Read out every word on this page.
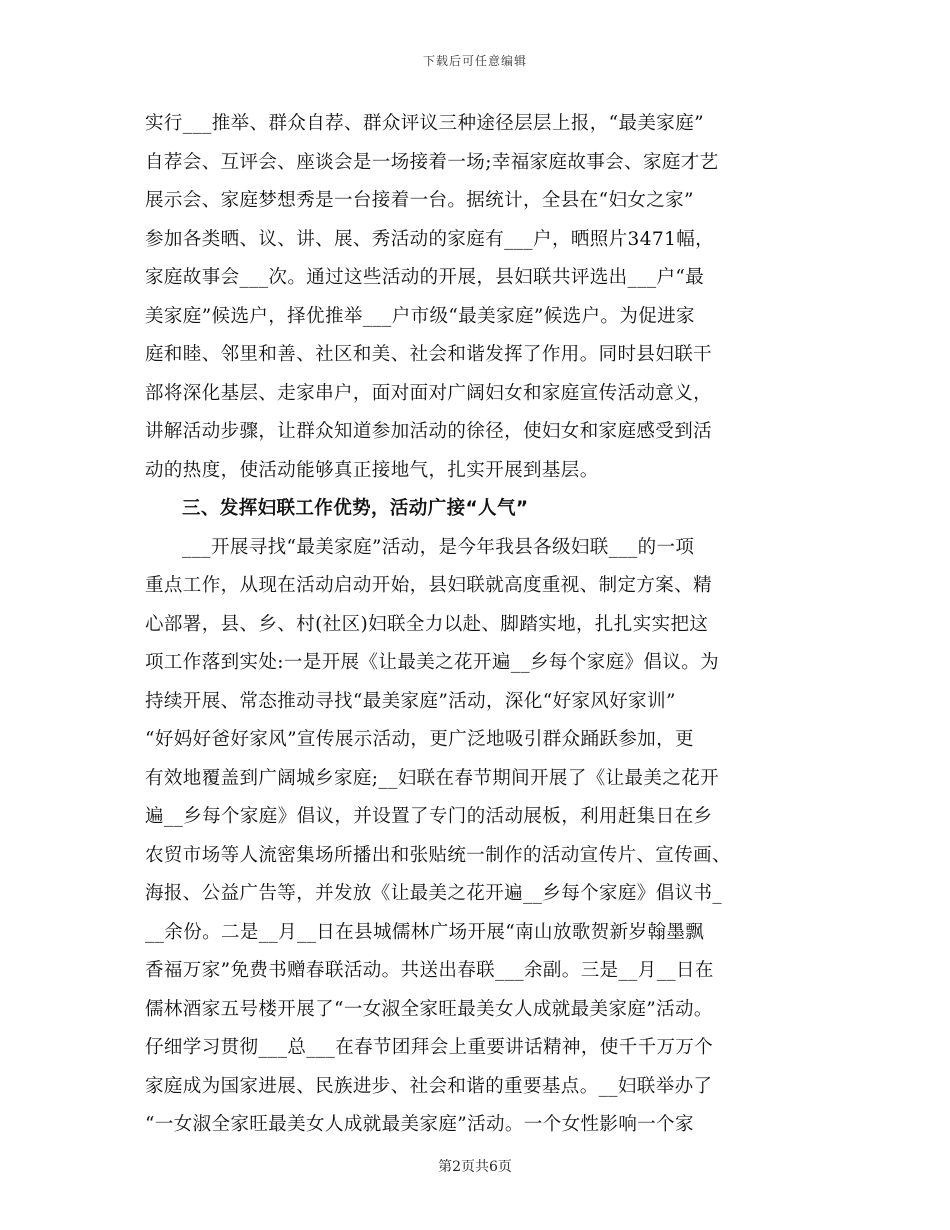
下载后可任意编辑
实行___推举、群众自荐、群众评议三种途径层层上报，“最美家庭”
自荐会、互评会、座谈会是一场接着一场;幸福家庭故事会、家庭才艺
展示会、家庭梦想秀是一台接着一台。据统计，全县在“妇女之家”
参加各类晒、议、讲、展、秀活动的家庭有___户，晒照片3471幅，
家庭故事会___次。通过这些活动的开展，县妇联共评选出___户“最
美家庭”候选户，择优推举___户市级“最美家庭”候选户。为促进家
庭和睦、邻里和善、社区和美、社会和谐发挥了作用。同时县妇联干
部将深化基层、走家串户，面对面对广阔妇女和家庭宣传活动意义，
讲解活动步骤，让群众知道参加活动的徐径，使妇女和家庭感受到活
动的热度，使活动能够真正接地气，扎实开展到基层。
三、发挥妇联工作优势，活动广接“人气”
___开展寻找“最美家庭”活动，是今年我县各级妇联___的一项
重点工作，从现在活动启动开始，县妇联就高度重视、制定方案、精
心部署，县、乡、村(社区)妇联全力以赴、脚踏实地，扎扎实实把这
项工作落到实处:一是开展《让最美之花开遍__乡每个家庭》倡议。为
持续开展、常态推动寻找“最美家庭”活动，深化“好家风好家训”
“好妈好爸好家风”宣传展示活动，更广泛地吸引群众踊跃参加，更
有效地覆盖到广阔城乡家庭;__妇联在春节期间开展了《让最美之花开
遍__乡每个家庭》倡议，并设置了专门的活动展板，利用赶集日在乡
农贸市场等人流密集场所播出和张贴统一制作的活动宣传片、宣传画、
海报、公益广告等，并发放《让最美之花开遍__乡每个家庭》倡议书_
__余份。二是__月__日在县城儒林广场开展“南山放歌贺新岁翰墨飘
香福万家”免费书赠春联活动。共送出春联___余副。三是__月__日在
儒林酒家五号楼开展了“一女淑全家旺最美女人成就最美家庭”活动。
仔细学习贯彻___总___在春节团拜会上重要讲话精神，使千千万万个
家庭成为国家进展、民族进步、社会和谐的重要基点。__妇联举办了
“一女淑全家旺最美女人成就最美家庭”活动。一个女性影响一个家
第2页共6页
